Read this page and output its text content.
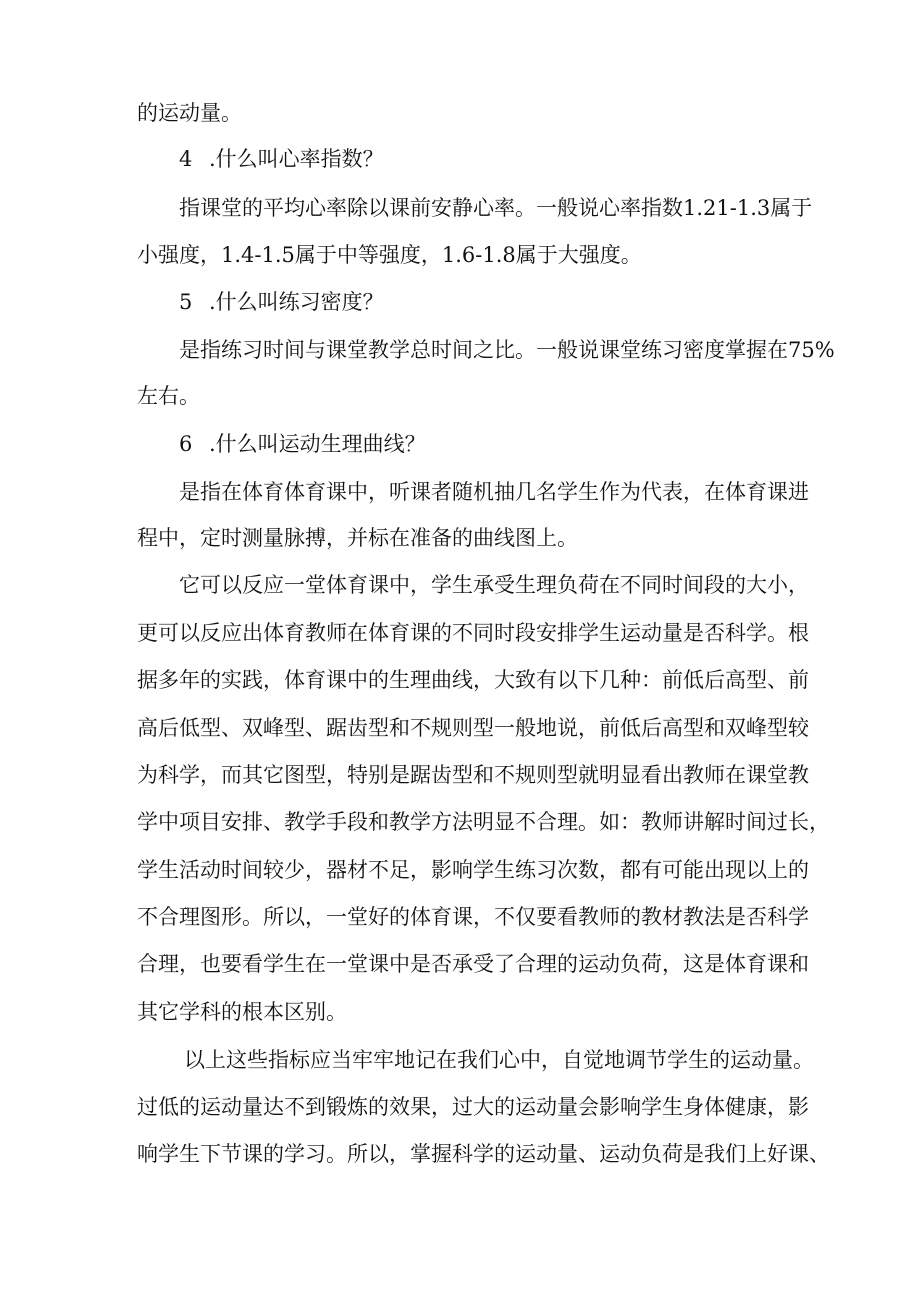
的运动量。
4 .什么叫心率指数？
指课堂的平均心率除以课前安静心率。一般说心率指数1.21-1.3属于
小强度，1.4-1.5属于中等强度，1.6-1.8属于大强度。
5 .什么叫练习密度？
是指练习时间与课堂教学总时间之比。一般说课堂练习密度掌握在75%
左右。
6 .什么叫运动生理曲线？
是指在体育体育课中，听课者随机抽几名学生作为代表，在体育课进
程中，定时测量脉搏，并标在准备的曲线图上。
它可以反应一堂体育课中，学生承受生理负荷在不同时间段的大小，
更可以反应出体育教师在体育课的不同时段安排学生运动量是否科学。根
据多年的实践，体育课中的生理曲线，大致有以下几种：前低后高型、前
高后低型、双峰型、踞齿型和不规则型一般地说，前低后高型和双峰型较
为科学，而其它图型，特别是踞齿型和不规则型就明显看出教师在课堂教
学中项目安排、教学手段和教学方法明显不合理。如：教师讲解时间过长，
学生活动时间较少，器材不足，影响学生练习次数，都有可能出现以上的
不合理图形。所以，一堂好的体育课，不仅要看教师的教材教法是否科学
合理，也要看学生在一堂课中是否承受了合理的运动负荷，这是体育课和
其它学科的根本区别。
以上这些指标应当牢牢地记在我们心中，自觉地调节学生的运动量。
过低的运动量达不到锻炼的效果，过大的运动量会影响学生身体健康，影
响学生下节课的学习。所以，掌握科学的运动量、运动负荷是我们上好课、
